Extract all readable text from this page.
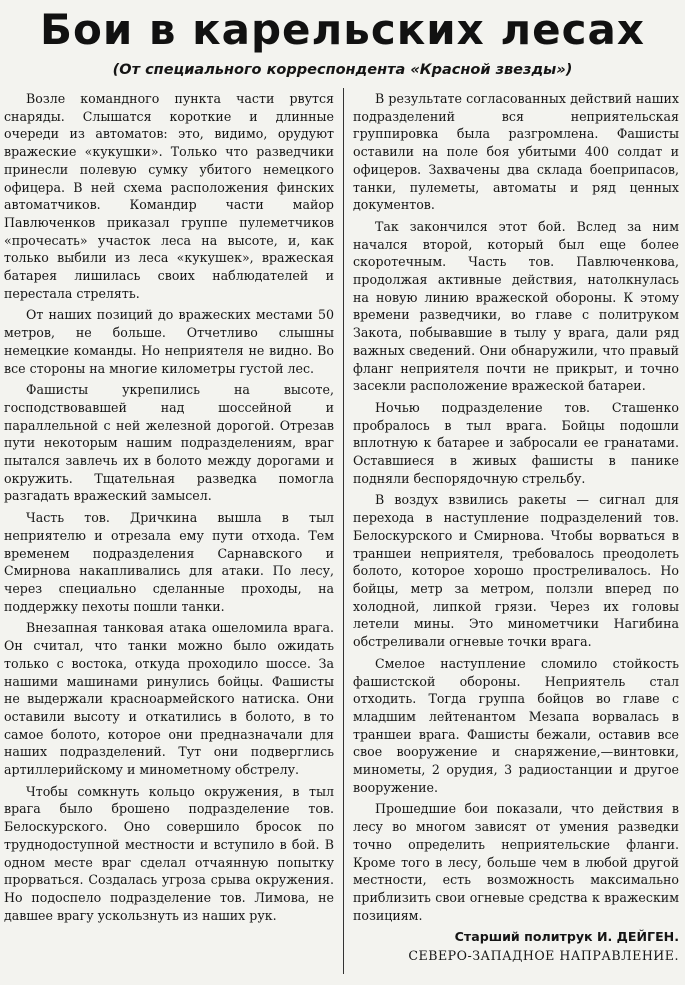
Бои в карельских лесах
(От специального корреспондента «Красной звезды»)

Возле командного пункта части рвутся снаряды. Слышатся короткие и длинные очереди из автоматов: это, видимо, орудуют вражеские «кукушки». Только что разведчики принесли полевую сумку убитого немецкого офицера. В ней схема расположения финских автоматчиков. Командир части майор Павлюченков приказал группе пулеметчиков «прочесать» участок леса на высоте, и, как только выбили из леса «кукушек», вражеская батарея лишилась своих наблюдателей и перестала стрелять.

От наших позиций до вражеских местами 50 метров, не больше. Отчетливо слышны немецкие команды. Но неприятеля не видно. Во все стороны на многие километры густой лес.

Фашисты укрепились на высоте, господствовавшей над шоссейной и параллельной с ней железной дорогой. Отрезав пути некоторым нашим подразделениям, враг пытался завлечь их в болото между дорогами и окружить. Тщательная разведка помогла разгадать вражеский замысел.

Часть тов. Дричкина вышла в тыл неприятелю и отрезала ему пути отхода. Тем временем подразделения Сарнавского и Смирнова накапливались для атаки. По лесу, через специально сделанные проходы, на поддержку пехоты пошли танки.

Внезапная танковая атака ошеломила врага. Он считал, что танки можно было ожидать только с востока, откуда проходило шоссе. За нашими машинами ринулись бойцы. Фашисты не выдержали красноармейского натиска. Они оставили высоту и откатились в болото, в то самое болото, которое они предназначали для наших подразделений. Тут они подверглись артиллерийскому и минометному обстрелу.

Чтобы сомкнуть кольцо окружения, в тыл врага было брошено подразделение тов. Белоскурского. Оно совершило бросок по труднодоступной местности и вступило в бой. В одном месте враг сделал отчаянную попытку прорваться. Создалась угроза срыва окружения. Но подоспело подразделение тов. Лимова, не давшее врагу ускользнуть из наших рук.

В результате согласованных действий наших подразделений вся неприятельская группировка была разгромлена. Фашисты оставили на поле боя убитыми 400 солдат и офицеров. Захвачены два склада боеприпасов, танки, пулеметы, автоматы и ряд ценных документов.

Так закончился этот бой. Вслед за ним начался второй, который был еще более скоротечным. Часть тов. Павлюченкова, продолжая активные действия, натолкнулась на новую линию вражеской обороны. К этому времени разведчики, во главе с политруком Закота, побывавшие в тылу у врага, дали ряд важных сведений. Они обнаружили, что правый фланг неприятеля почти не прикрыт, и точно засекли расположение вражеской батареи.

Ночью подразделение тов. Сташенко пробралось в тыл врага. Бойцы подошли вплотную к батарее и забросали ее гранатами. Оставшиеся в живых фашисты в панике подняли беспорядочную стрельбу.

В воздух взвились ракеты — сигнал для перехода в наступление подразделений тов. Белоскурского и Смирнова. Чтобы ворваться в траншеи неприятеля, требовалось преодолеть болото, которое хорошо простреливалось. Но бойцы, метр за метром, ползли вперед по холодной, липкой грязи. Через их головы летели мины. Это минометчики Нагибина обстреливали огневые точки врага.

Смелое наступление сломило стойкость фашистской обороны. Неприятель стал отходить. Тогда группа бойцов во главе с младшим лейтенантом Мезапа ворвалась в траншеи врага. Фашисты бежали, оставив все свое вооружение и снаряжение,—винтовки, минометы, 2 орудия, 3 радиостанции и другое вооружение.

Прошедшие бои показали, что действия в лесу во многом зависят от умения разведки точно определить неприятельские фланги. Кроме того в лесу, больше чем в любой другой местности, есть возможность максимально приблизить свои огневые средства к вражеским позициям.

Старший политрук И. ДЕЙГЕН.
СЕВЕРО-ЗАПАДНОЕ НАПРАВЛЕНИЕ.
